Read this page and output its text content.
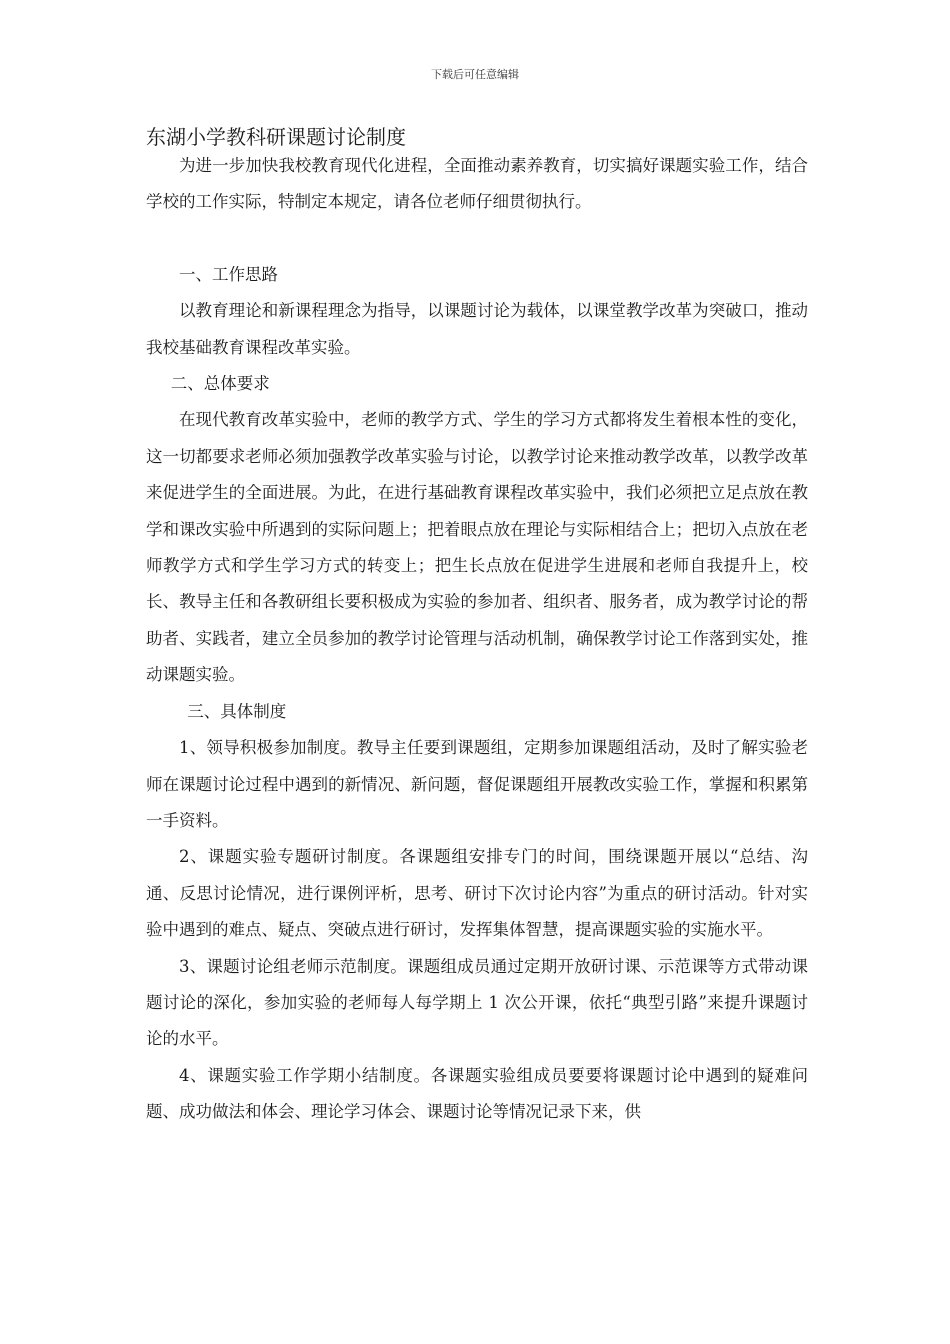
下载后可任意编辑
东湖小学教科研课题讨论制度

为进一步加快我校教育现代化进程，全面推动素养教育，切实搞好课题实验工作，结合学校的工作实际，特制定本规定，请各位老师仔细贯彻执行。

一、工作思路

以教育理论和新课程理念为指导，以课题讨论为载体，以课堂教学改革为突破口，推动我校基础教育课程改革实验。

二、总体要求

在现代教育改革实验中，老师的教学方式、学生的学习方式都将发生着根本性的变化，这一切都要求老师必须加强教学改革实验与讨论，以教学讨论来推动教学改革，以教学改革来促进学生的全面进展。为此，在进行基础教育课程改革实验中，我们必须把立足点放在教学和课改实验中所遇到的实际问题上；把着眼点放在理论与实际相结合上；把切入点放在老师教学方式和学生学习方式的转变上；把生长点放在促进学生进展和老师自我提升上，校长、教导主任和各教研组长要积极成为实验的参加者、组织者、服务者，成为教学讨论的帮助者、实践者，建立全员参加的教学讨论管理与活动机制，确保教学讨论工作落到实处，推动课题实验。

三、具体制度

1、领导积极参加制度。教导主任要到课题组，定期参加课题组活动，及时了解实验老师在课题讨论过程中遇到的新情况、新问题，督促课题组开展教改实验工作，掌握和积累第一手资料。

2、课题实验专题研讨制度。各课题组安排专门的时间，围绕课题开展以“总结、沟通、反思讨论情况，进行课例评析，思考、研讨下次讨论内容”为重点的研讨活动。针对实验中遇到的难点、疑点、突破点进行研讨，发挥集体智慧，提高课题实验的实施水平。

3、课题讨论组老师示范制度。课题组成员通过定期开放研讨课、示范课等方式带动课题讨论的深化，参加实验的老师每人每学期上 1 次公开课，依托“典型引路”来提升课题讨论的水平。

4、课题实验工作学期小结制度。各课题实验组成员要要将课题讨论中遇到的疑难问题、成功做法和体会、理论学习体会、课题讨论等情况记录下来，供
